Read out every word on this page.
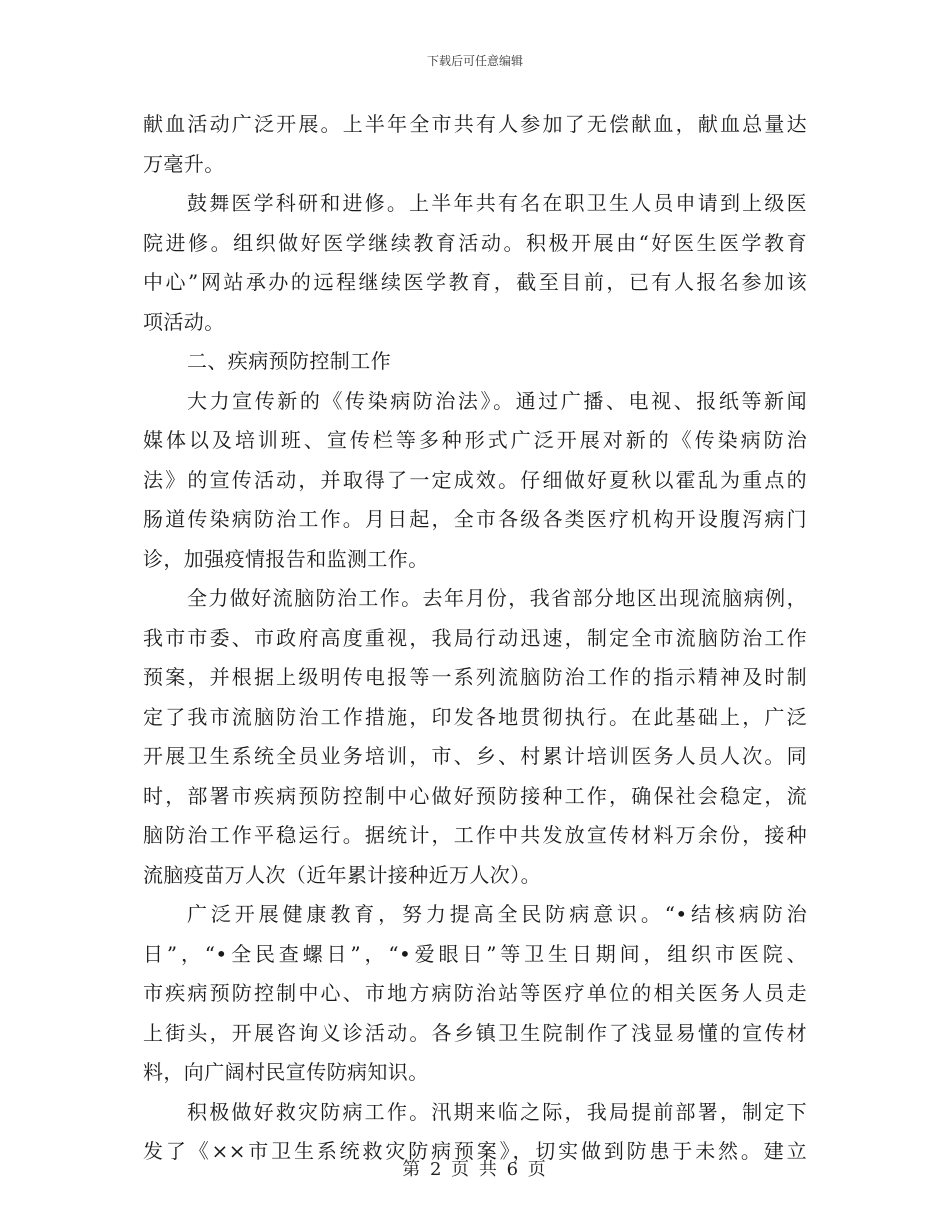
下载后可任意编辑
献血活动广泛开展。上半年全市共有人参加了无偿献血，献血总量达
万毫升。
鼓舞医学科研和进修。上半年共有名在职卫生人员申请到上级医
院进修。组织做好医学继续教育活动。积极开展由“好医生医学教育
中心”网站承办的远程继续医学教育，截至目前，已有人报名参加该
项活动。
二、疾病预防控制工作
大力宣传新的《传染病防治法》。通过广播、电视、报纸等新闻
媒体以及培训班、宣传栏等多种形式广泛开展对新的《传染病防治
法》的宣传活动，并取得了一定成效。仔细做好夏秋以霍乱为重点的
肠道传染病防治工作。月日起，全市各级各类医疗机构开设腹泻病门
诊，加强疫情报告和监测工作。
全力做好流脑防治工作。去年月份，我省部分地区出现流脑病例，
我市市委、市政府高度重视，我局行动迅速，制定全市流脑防治工作
预案，并根据上级明传电报等一系列流脑防治工作的指示精神及时制
定了我市流脑防治工作措施，印发各地贯彻执行。在此基础上，广泛
开展卫生系统全员业务培训，市、乡、村累计培训医务人员人次。同
时，部署市疾病预防控制中心做好预防接种工作，确保社会稳定，流
脑防治工作平稳运行。据统计，工作中共发放宣传材料万余份，接种
流脑疫苗万人次（近年累计接种近万人次）。
广泛开展健康教育，努力提高全民防病意识。“•结核病防治
日”，“•全民查螺日”，“•爱眼日”等卫生日期间，组织市医院、
市疾病预防控制中心、市地方病防治站等医疗单位的相关医务人员走
上街头，开展咨询义诊活动。各乡镇卫生院制作了浅显易懂的宣传材
料，向广阔村民宣传防病知识。
积极做好救灾防病工作。汛期来临之际，我局提前部署，制定下
发了《××市卫生系统救灾防病预案》，切实做到防患于未然。建立
第 2 页 共 6 页
